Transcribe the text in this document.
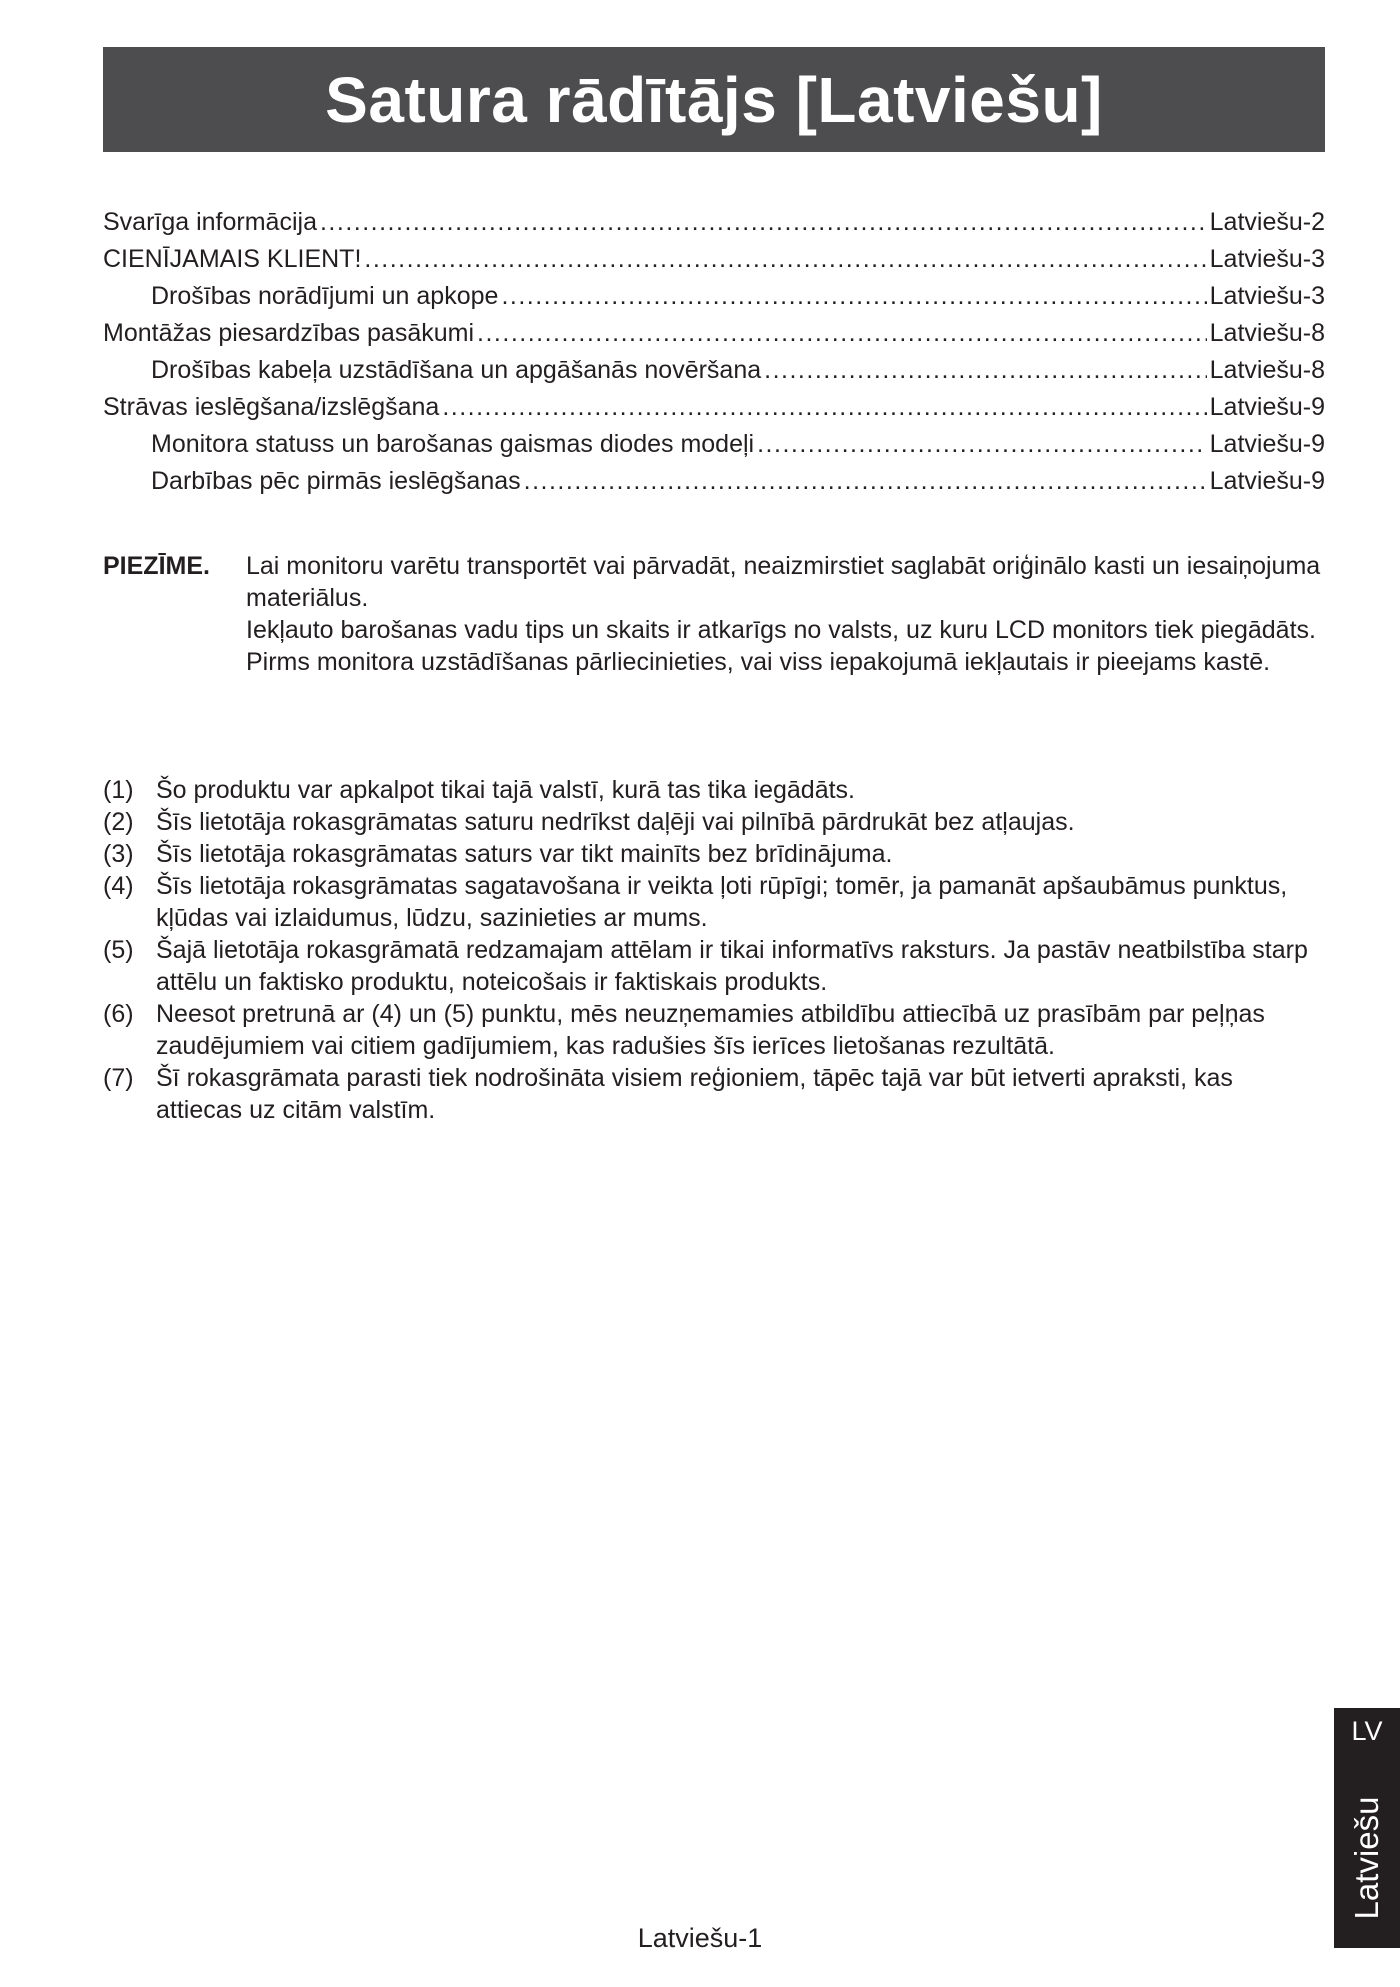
Satura rādītājs [Latviešu]
Svarīga informācija .....	Latviešu-2
CIENĪJAMAIS KLIENT! .....	Latviešu-3
Drošības norādījumi un apkope .....	Latviešu-3
Montāžas piesardzības pasākumi .....	Latviešu-8
Drošības kabeļa uzstādīšana un apgāšanās novēršana .....	Latviešu-8
Strāvas ieslēgšana/izslēgšana .....	Latviešu-9
Monitora statuss un barošanas gaismas diodes modeļi .....	Latviešu-9
Darbības pēc pirmās ieslēgšanas .....	Latviešu-9
PIEZĪME. Lai monitoru varētu transportēt vai pārvadāt, neaizmirstiet saglabāt oriģinālo kasti un iesaiņojuma materiālus.

Iekļauto barošanas vadu tips un skaits ir atkarīgs no valsts, uz kuru LCD monitors tiek piegādāts.

Pirms monitora uzstādīšanas pārliecinieties, vai viss iepakojumā iekļautais ir pieejams kastē.

(1) Šo produktu var apkalpot tikai tajā valstī, kurā tas tika iegādāts.
(2) Šīs lietotāja rokasgrāmatas saturu nedrīkst daļēji vai pilnībā pārdrukāt bez atļaujas.
(3) Šīs lietotāja rokasgrāmatas saturs var tikt mainīts bez brīdinājuma.
(4) Šīs lietotāja rokasgrāmatas sagatavošana ir veikta ļoti rūpīgi; tomēr, ja pamanāt apšaubāmus punktus, kļūdas vai izlaidumus, lūdzu, sazinieties ar mums.
(5) Šajā lietotāja rokasgrāmatā redzamajam attēlam ir tikai informatīvs raksturs. Ja pastāv neatbilstība starp attēlu un faktisko produktu, noteicošais ir faktiskais produkts.
(6) Neesot pretrunā ar (4) un (5) punktu, mēs neuzņemamies atbildību attiecībā uz prasībām par peļņas zaudējumiem vai citiem gadījumiem, kas radušies šīs ierīces lietošanas rezultātā.
(7) Šī rokasgrāmata parasti tiek nodrošināta visiem reģioniem, tāpēc tajā var būt ietverti apraksti, kas attiecas uz citām valstīm.
LV
Latviešu
Latviešu-1
